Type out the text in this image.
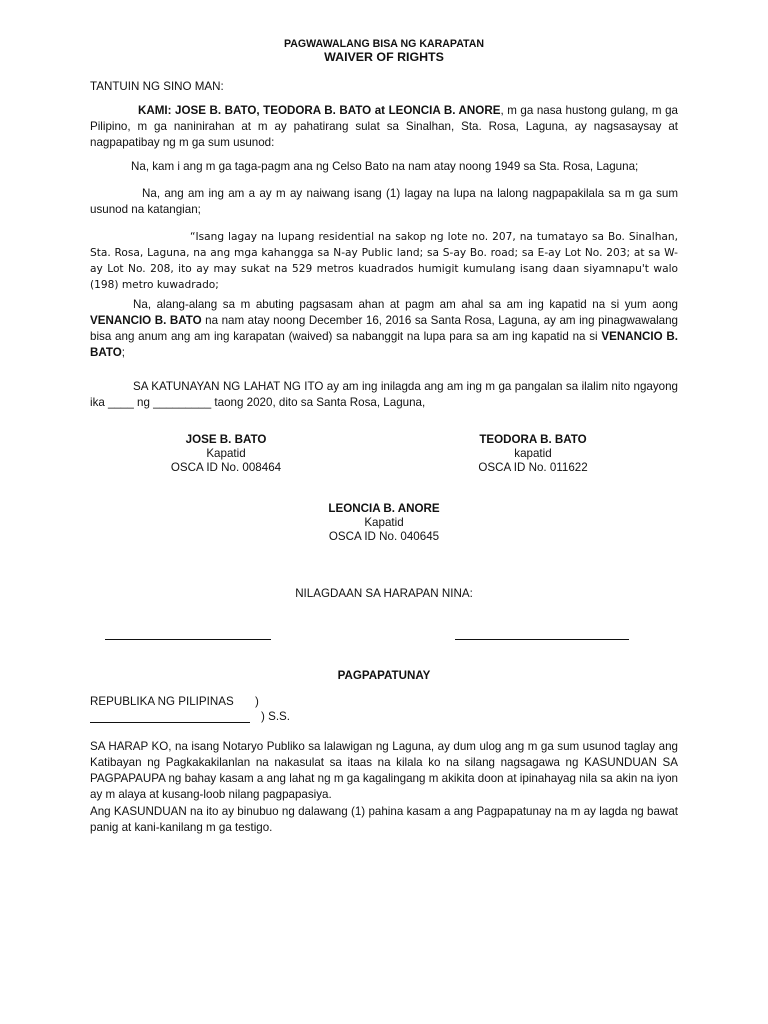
PAGWAWALANG BISA NG KARAPATAN
WAIVER OF RIGHTS
TANTUIN NG SINO MAN:
KAMI: JOSE B. BATO, TEODORA B. BATO at LEONCIA B. ANORE, m ga nasa hustong gulang, m ga Pilipino, m ga naninirahan at m ay pahatirang sulat sa Sinalhan, Sta. Rosa, Laguna, ay nagsasaysay at nagpapatibay ng m ga sum usunod:
Na, kam i ang m ga taga-pagm ana ng Celso Bato na nam atay noong 1949 sa Sta. Rosa, Laguna;
Na, ang am ing am a ay m ay naiwang isang (1) lagay na lupa na lalong nagpapakilala sa m ga sum usunod na katangian;
“Isang lagay na lupang residential na sakop ng lote no. 207, na tumatayo sa Bo. Sinalhan, Sta. Rosa, Laguna, na ang mga kahangga sa N-ay Public land; sa S-ay Bo. road; sa E-ay Lot No. 203; at sa W-ay Lot No. 208, ito ay may sukat na 529 metros kuadrados humigit kumulang isang daan siyamnapu't walo (198) metro kuwadrado;
Na, alang-alang sa m abuting pagsasam ahan at pagm am ahal sa am ing kapatid na si yum aong VENANCIO B. BATO na nam atay noong December 16, 2016 sa Santa Rosa, Laguna, ay am ing pinagwawalang bisa ang anum ang am ing karapatan (waived) sa nabanggit na lupa para sa am ing kapatid na si VENANCIO B. BATO;
SA KATUNAYAN NG LAHAT NG ITO ay am ing inilagda ang am ing m ga pangalan sa ilalim nito ngayong ika ____ ng _________ taong 2020, dito sa Santa Rosa, Laguna,
JOSE B. BATO
Kapatid
OSCA ID No. 008464
TEODORA B. BATO
kapatid
OSCA ID No. 011622
LEONCIA B. ANORE
Kapatid
OSCA ID No. 040645
NILAGDAAN SA HARAPAN NINA:
PAGPAPATUNAY
REPUBLIKA NG PILIPINAS )
) S.S.
SA HARAP KO, na isang Notaryo Publiko sa lalawigan ng Laguna, ay dum ulog ang m ga sum usunod taglay ang Katibayan ng Pagkakakilanlan na nakasulat sa itaas na kilala ko na silang nagsagawa ng KASUNDUAN SA PAGPAPAUPA ng bahay kasam a ang lahat ng m ga kagalingang m akikita doon at ipinahayag nila sa akin na iyon ay m alaya at kusang-loob nilang pagpapasiya.
Ang KASUNDUAN na ito ay binubuo ng dalawang (1) pahina kasam a ang Pagpapatunay na m ay lagda ng bawat panig at kani-kanilang m ga testigo.
